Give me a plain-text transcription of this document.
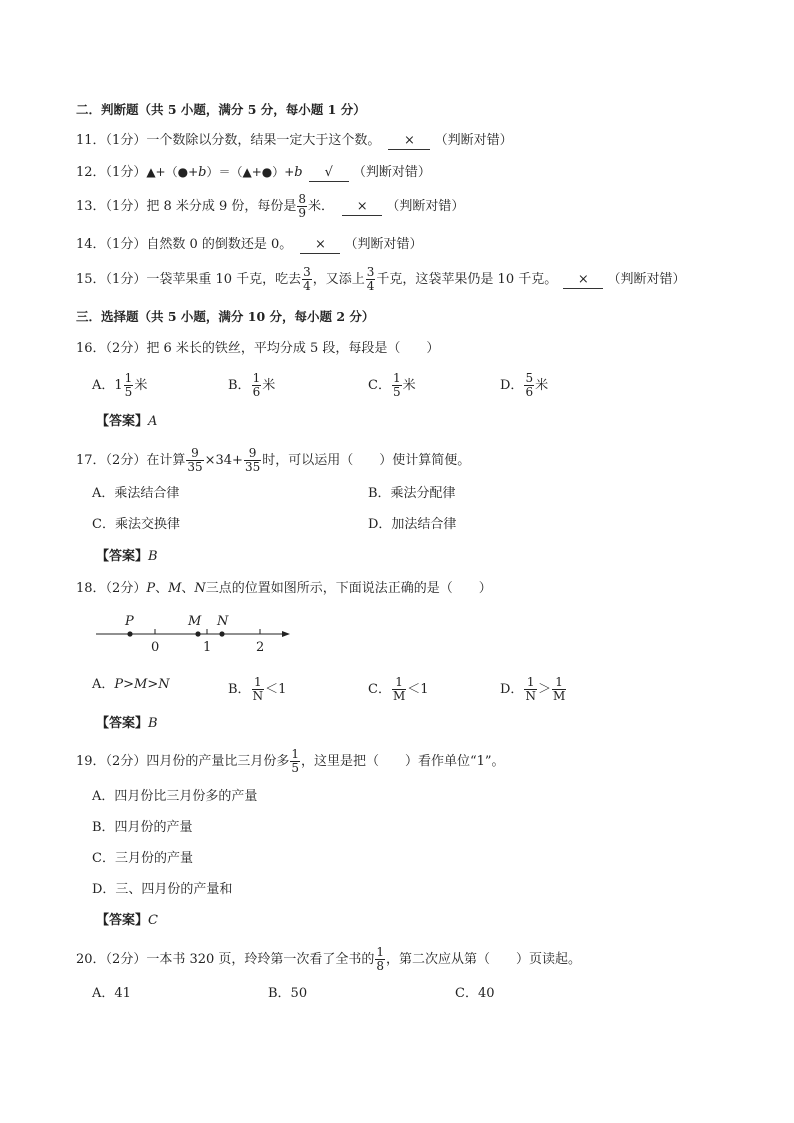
二．判断题（共 5 小题，满分 5 分，每小题 1 分）
11．（1分）一个数除以分数，结果一定大于这个数。 × （判断对错）
12．（1分）▲+（●+b）＝（▲+●）+b √ （判断对错）
13．（1分）把 8 米分成 9 份，每份是 $\frac{8}{9}$ 米． × （判断对错）
14．（1分）自然数 0 的倒数还是 0。 × （判断对错）
15．（1分）一袋苹果重 10 千克，吃去 $\frac{3}{4}$ ，又添上 $\frac{3}{4}$ 千克，这袋苹果仍是 10 千克。 × （判断对错）
三．选择题（共 5 小题，满分 10 分，每小题 2 分）
16．（2分）把 6 米长的铁丝，平均分成 5 段，每段是（　　）
A．$1 \frac{1}{5}$ 米	B． $\frac{1}{6}$ 米	C． $\frac{1}{5}$ 米	D． $\frac{5}{6}$ 米
【答案】A
17．（2分）在计算 $\frac{9}{35} \times 34+ \frac{9}{35}$ 时，可以运用（　　）使计算简便。
A．乘法结合律	B．乘法分配律
C．乘法交换律	D．加法结合律
【答案】B
18．（2分）P、M、N三点的位置如图所示，下面说法正确的是（　　）
P	M N
0	1	2
A．P>M>N	B． $\frac{1}{N} <1$	C． $\frac{1}{M} <1$	D． $\frac{1}{N} > \frac{1}{M}$
【答案】B
19．（2分）四月份的产量比三月份多 $\frac{1}{5}$ ，这里是把（　　）看作单位“1”。
A．四月份比三月份多的产量
B．四月份的产量
C．三月份的产量
D．三、四月份的产量和
【答案】C
20．（2分）一本书 320 页，玲玲第一次看了全书的 $\frac{1}{8}$ ，第二次应从第（　　）页读起。
A．41	B．50	C．40
